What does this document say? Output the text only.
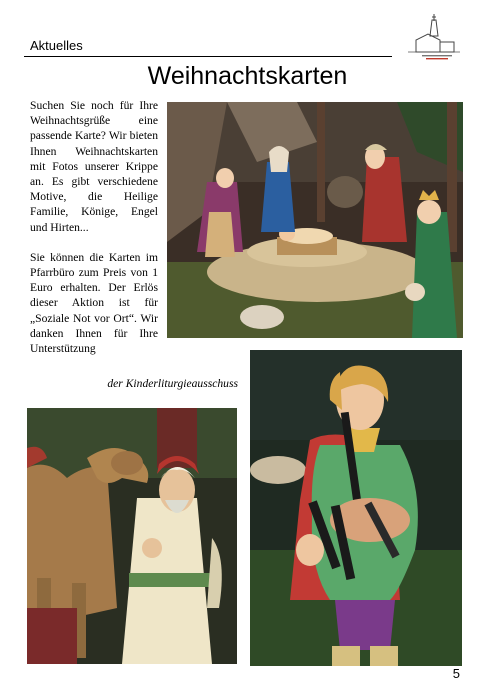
Aktuelles
Weihnachtskarten

Suchen Sie noch für Ihre Weihnachtsgrüße eine passende Karte? Wir bieten Ihnen Weihnachtskarten mit Fotos unserer Krippe an. Es gibt verschiedene Motive, die Heilige Familie, Könige, Engel und Hirten...

Sie können die Karten im Pfarrbüro zum Preis von 1 Euro erhalten. Der Erlös dieser Aktion ist für „Soziale Not vor Ort“. Wir danken Ihnen für Ihre Unterstützung

der Kinderliturgieausschuss
5
